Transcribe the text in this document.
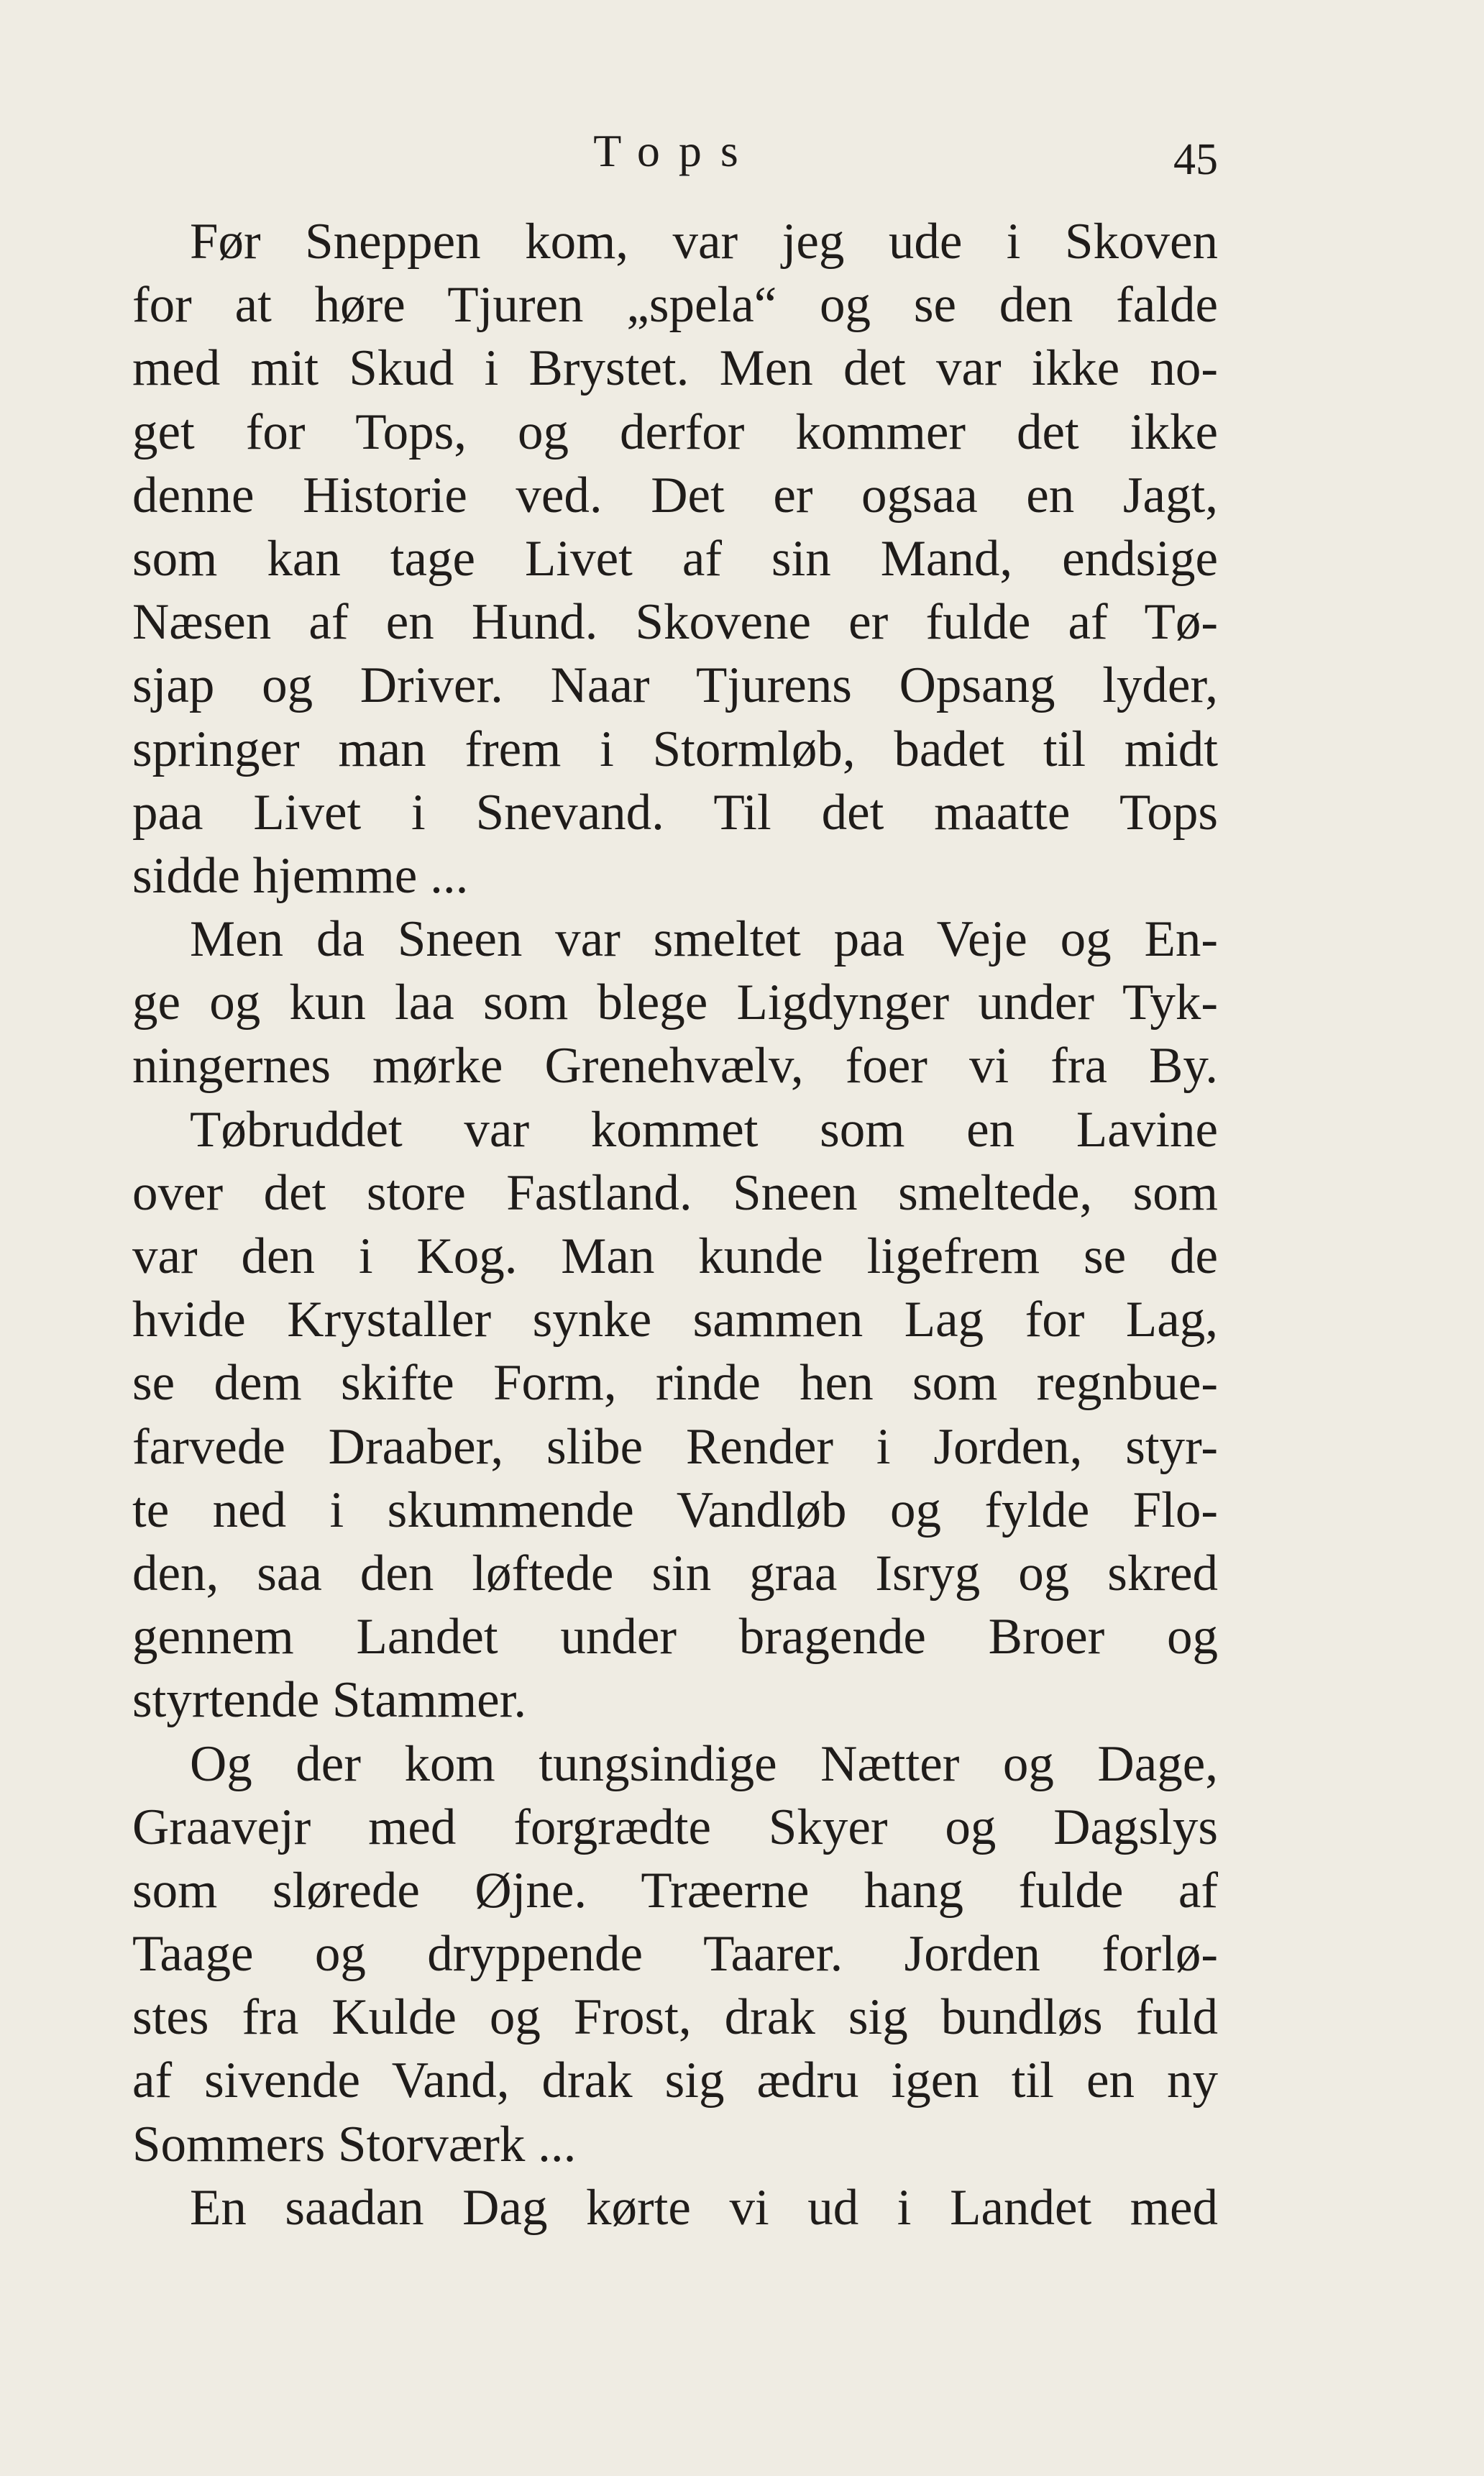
Tops	45
Før Sneppen kom, var jeg ude i Skoven
for at høre Tjuren „spela“ og se den falde
med mit Skud i Brystet. Men det var ikke no-
get for Tops, og derfor kommer det ikke
denne Historie ved. Det er ogsaa en Jagt,
som kan tage Livet af sin Mand, endsige
Næsen af en Hund. Skovene er fulde af Tø-
sjap og Driver. Naar Tjurens Opsang lyder,
springer man frem i Stormløb, badet til midt
paa Livet i Snevand. Til det maatte Tops
sidde hjemme ...
Men da Sneen var smeltet paa Veje og En-
ge og kun laa som blege Ligdynger under Tyk-
ningernes mørke Grenehvælv, foer vi fra By.
Tøbruddet var kommet som en Lavine
over det store Fastland. Sneen smeltede, som
var den i Kog. Man kunde ligefrem se de
hvide Krystaller synke sammen Lag for Lag,
se dem skifte Form, rinde hen som regnbue-
farvede Draaber, slibe Render i Jorden, styr-
te ned i skummende Vandløb og fylde Flo-
den, saa den løftede sin graa Isryg og skred
gennem Landet under bragende Broer og
styrtende Stammer.
Og der kom tungsindige Nætter og Dage,
Graavejr med forgrædte Skyer og Dagslys
som slørede Øjne. Træerne hang fulde af
Taage og dryppende Taarer. Jorden forlø-
stes fra Kulde og Frost, drak sig bundløs fuld
af sivende Vand, drak sig ædru igen til en ny
Sommers Storværk ...
En saadan Dag kørte vi ud i Landet med
